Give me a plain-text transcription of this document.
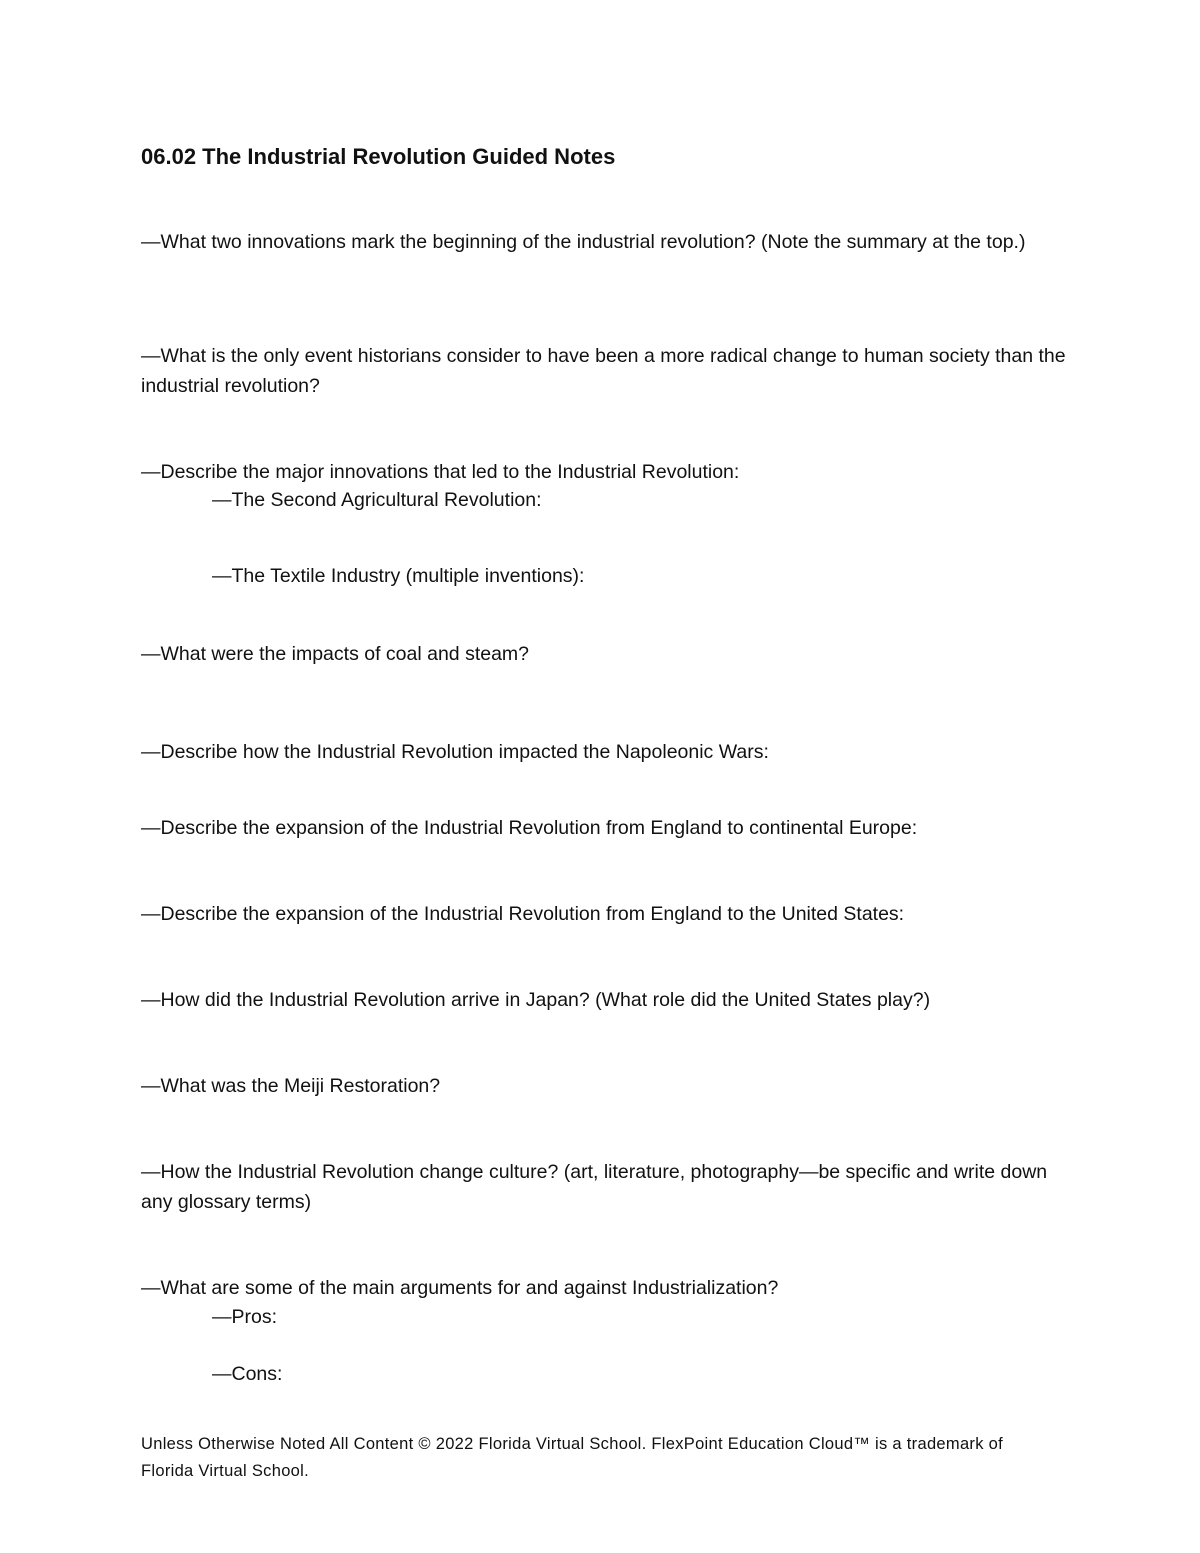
06.02 The Industrial Revolution Guided Notes
—What two innovations mark the beginning of the industrial revolution? (Note the summary at the top.)
—What is the only event historians consider to have been a more radical change to human society than the industrial revolution?
—Describe the major innovations that led to the Industrial Revolution:
—The Second Agricultural Revolution:
—The Textile Industry (multiple inventions):
—What were the impacts of coal and steam?
—Describe how the Industrial Revolution impacted the Napoleonic Wars:
—Describe the expansion of the Industrial Revolution from England to continental Europe:
—Describe the expansion of the Industrial Revolution from England to the United States:
—How did the Industrial Revolution arrive in Japan? (What role did the United States play?)
—What was the Meiji Restoration?
—How the Industrial Revolution change culture? (art, literature, photography—be specific and write down any glossary terms)
—What are some of the main arguments for and against Industrialization?
—Pros:
—Cons:
Unless Otherwise Noted All Content © 2022 Florida Virtual School. FlexPoint Education Cloud™ is a trademark of Florida Virtual School.
